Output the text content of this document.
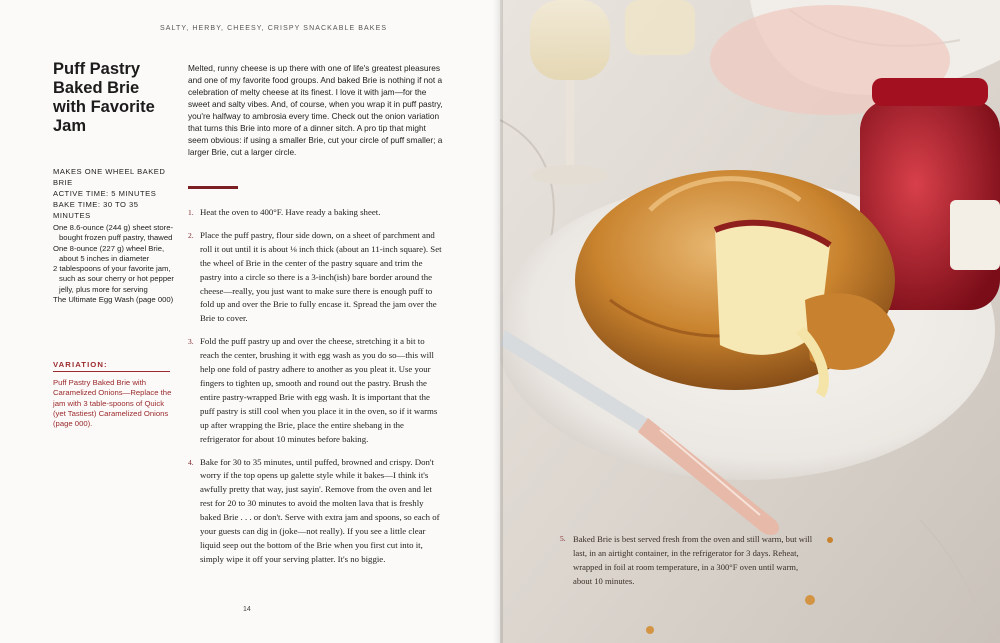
SALTY, HERBY, CHEESY, CRISPY SNACKABLE BAKES
Puff Pastry Baked Brie with Favorite Jam
MAKES ONE WHEEL BAKED BRIE
ACTIVE TIME: 5 MINUTES
BAKE TIME: 30 TO 35 MINUTES
One 8.6-ounce (244 g) sheet store-bought frozen puff pastry, thawed
One 8-ounce (227 g) wheel Brie, about 5 inches in diameter
2 tablespoons of your favorite jam, such as sour cherry or hot pepper jelly, plus more for serving
The Ultimate Egg Wash (page 000)
VARIATION:
Puff Pastry Baked Brie with Caramelized Onions—Replace the jam with 3 table-spoons of Quick (yet Tastiest) Caramelized Onions (page 000).
Melted, runny cheese is up there with one of life's greatest pleasures and one of my favorite food groups. And baked Brie is nothing if not a celebration of melty cheese at its finest. I love it with jam—for the sweet and salty vibes. And, of course, when you wrap it in puff pastry, you're halfway to ambrosia every time. Check out the onion variation that turns this Brie into more of a dinner sitch. A pro tip that might seem obvious: if using a smaller Brie, cut your circle of puff smaller; a larger Brie, cut a larger circle.
1. Heat the oven to 400°F. Have ready a baking sheet.
2. Place the puff pastry, flour side down, on a sheet of parchment and roll it out until it is about ⅛ inch thick (about an 11-inch square). Set the wheel of Brie in the center of the pastry square and trim the pastry into a circle so there is a 3-inch(ish) bare border around the cheese—really, you just want to make sure there is enough puff to fold up and over the Brie to fully encase it. Spread the jam over the Brie to cover.
3. Fold the puff pastry up and over the cheese, stretching it a bit to reach the center, brushing it with egg wash as you do so—this will help one fold of pastry adhere to another as you pleat it. Use your fingers to tighten up, smooth and round out the pastry. Brush the entire pastry-wrapped Brie with egg wash. It is important that the puff pastry is still cool when you place it in the oven, so if it warms up after wrapping the Brie, place the entire shebang in the refrigerator for about 10 minutes before baking.
4. Bake for 30 to 35 minutes, until puffed, browned and crispy. Don't worry if the top opens up galette style while it bakes—I think it's awfully pretty that way, just sayin'. Remove from the oven and let rest for 20 to 30 minutes to avoid the molten lava that is freshly baked Brie . . . or don't. Serve with extra jam and spoons, so each of your guests can dig in (joke—not really). If you see a little clear liquid seep out the bottom of the Brie when you first cut into it, simply wipe it off your serving platter. It's no biggie.
14
5. Baked Brie is best served fresh from the oven and still warm, but will last, in an airtight container, in the refrigerator for 3 days. Reheat, wrapped in foil at room temperature, in a 300°F oven until warm, about 10 minutes.
